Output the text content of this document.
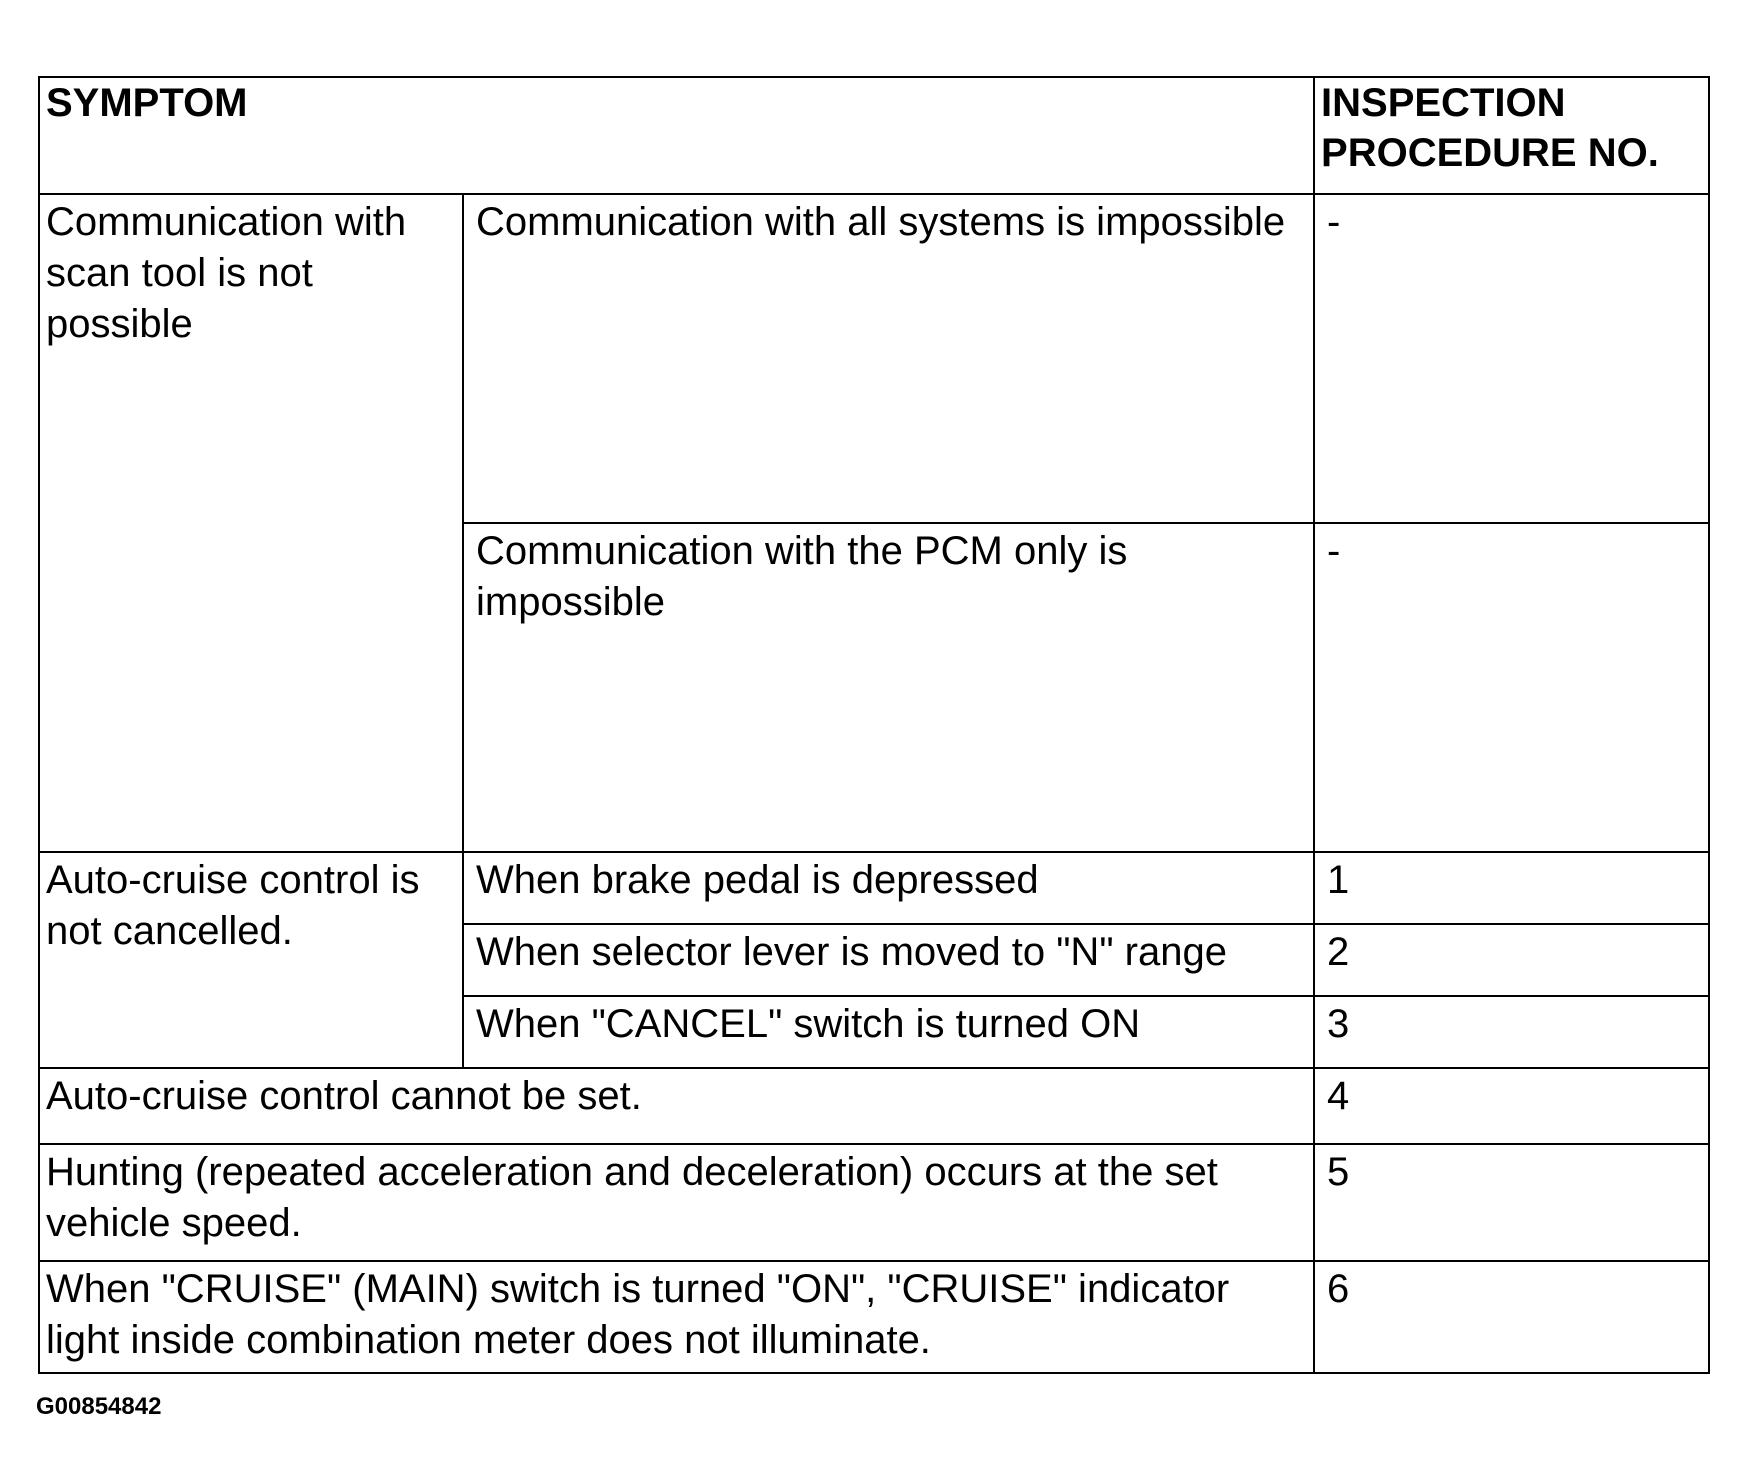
SYMPTOM		INSPECTION PROCEDURE NO.
Communication with scan tool is not possible	Communication with all systems is impossible	-
	Communication with the PCM only is impossible	-
Auto-cruise control is not cancelled.	When brake pedal is depressed	1
	When selector lever is moved to "N" range	2
	When "CANCEL" switch is turned ON	3
Auto-cruise control cannot be set.		4
Hunting (repeated acceleration and deceleration) occurs at the set vehicle speed.		5
When "CRUISE" (MAIN) switch is turned "ON", "CRUISE" indicator light inside combination meter does not illuminate.		6
G00854842
